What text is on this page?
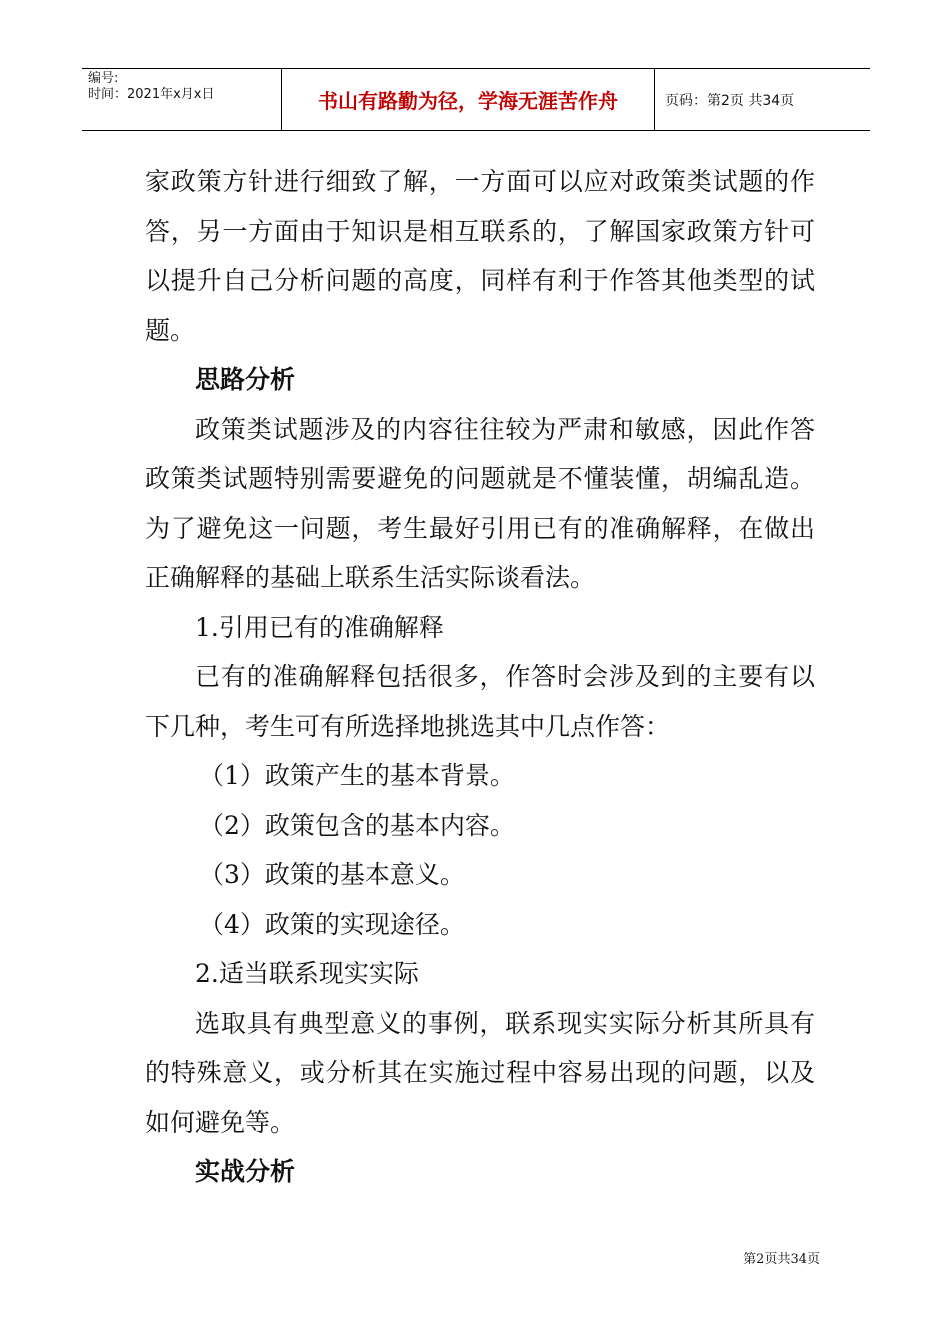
编号:
时间：2021年x月x日	书山有路勤为径，学海无涯苦作舟	页码：第2页 共34页

家政策方针进行细致了解，一方面可以应对政策类试题的作答，另一方面由于知识是相互联系的，了解国家政策方针可以提升自己分析问题的高度，同样有利于作答其他类型的试题。

思路分析

政策类试题涉及的内容往往较为严肃和敏感，因此作答政策类试题特别需要避免的问题就是不懂装懂，胡编乱造。为了避免这一问题，考生最好引用已有的准确解释，在做出正确解释的基础上联系生活实际谈看法。

1.引用已有的准确解释

已有的准确解释包括很多，作答时会涉及到的主要有以下几种，考生可有所选择地挑选其中几点作答：

（1）政策产生的基本背景。

（2）政策包含的基本内容。

（3）政策的基本意义。

（4）政策的实现途径。

2.适当联系现实实际

选取具有典型意义的事例，联系现实实际分析其所具有的特殊意义，或分析其在实施过程中容易出现的问题，以及如何避免等。

实战分析

第2页共34页
